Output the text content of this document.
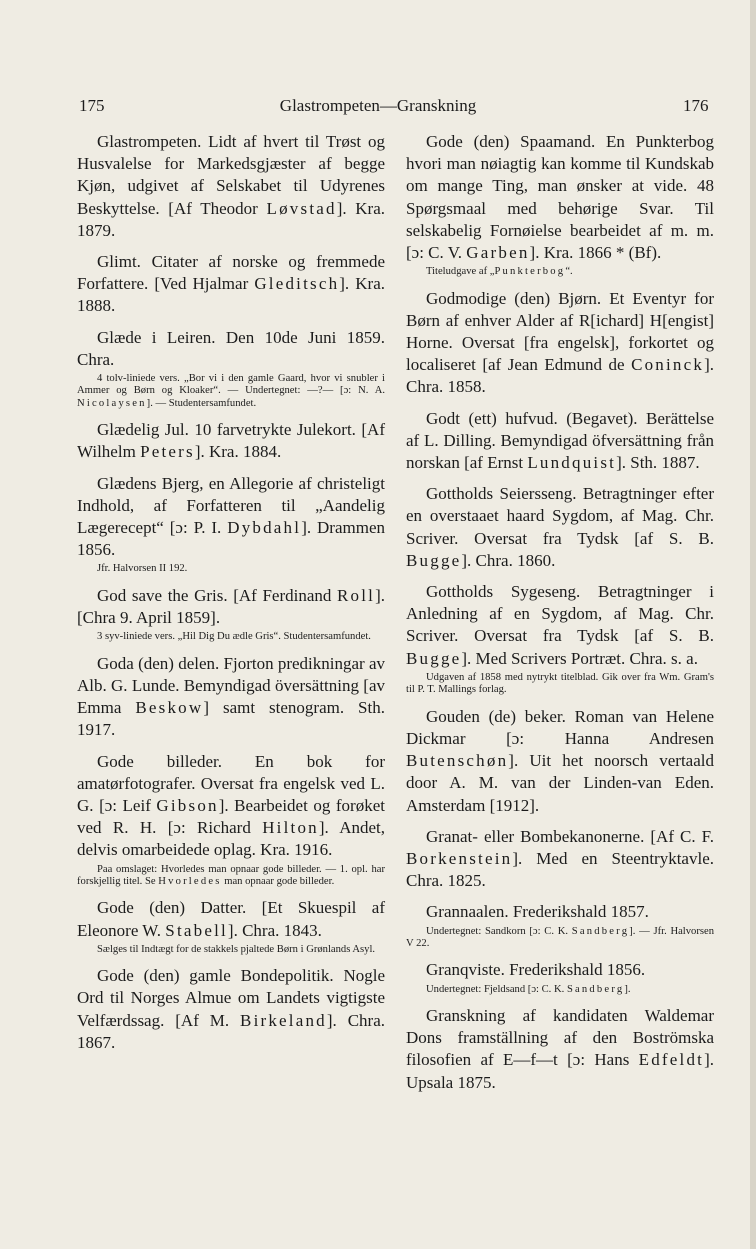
175	Glastrompeten—Granskning	176

Glastrompeten. Lidt af hvert til Trøst og Husvalelse for Markedsgjæster af begge Kjøn, udgivet af Selskabet til Udyrenes Beskyttelse. [Af Theodor Løvstad]. Kra. 1879.

Glimt. Citater af norske og fremmede Forfattere. [Ved Hjalmar Gleditsch]. Kra. 1888.

Glæde i Leiren. Den 10de Juni 1859. Chra.

4 tolv-liniede vers. „Bor vi i den gamle Gaard, hvor vi snubler i Ammer og Børn og Kloaker“. — Undertegnet: —?— [ɔ: N. A. Nicolaysen]. — Studentersamfundet.

Glædelig Jul. 10 farvetrykte Julekort. [Af Wilhelm Peters]. Kra. 1884.

Glædens Bjerg, en Allegorie af christeligt Indhold, af Forfatteren til „Aandelig Lægerecept“ [ɔ: P. I. Dybdahl]. Drammen 1856.

Jfr. Halvorsen II 192.

God save the Gris. [Af Ferdinand Roll]. [Chra 9. April 1859].

3 syv-liniede vers. „Hil Dig Du ædle Gris“. Studentersamfundet.

Goda (den) delen. Fjorton predikningar av Alb. G. Lunde. Bemyndigad översättning [av Emma Beskow] samt stenogram. Sth. 1917.

Gode billeder. En bok for amatørfotografer. Oversat fra engelsk ved L. G. [ɔ: Leif Gibson]. Bearbeidet og forøket ved R. H. [ɔ: Richard Hilton]. Andet, delvis omarbeidede oplag. Kra. 1916.

Paa omslaget: Hvorledes man opnaar gode billeder. — 1. opl. har forskjellig titel. Se Hvorledes man opnaar gode billeder.

Gode (den) Datter. [Et Skuespil af Eleonore W. Stabell]. Chra. 1843.

Sælges til Indtægt for de stakkels pjaltede Børn i Grønlands Asyl.

Gode (den) gamle Bondepolitik. Nogle Ord til Norges Almue om Landets vigtigste Velfærdssag. [Af M. Birkeland]. Chra. 1867.

Gode (den) Spaamand. En Punkterbog hvori man nøiagtig kan komme til Kundskab om mange Ting, man ønsker at vide. 48 Spørgsmaal med behørige Svar. Til selskabelig Fornøielse bearbeidet af m. m. [ɔ: C. V. Garben]. Kra. 1866 * (Bf).

Titeludgave af „Punkterbog“.

Godmodige (den) Bjørn. Et Eventyr for Børn af enhver Alder af R[ichard] H[engist] Horne. Oversat [fra engelsk], forkortet og localiseret [af Jean Edmund de Coninck]. Chra. 1858.

Godt (ett) hufvud. (Begavet). Berättelse af L. Dilling. Bemyndigad öfversättning från norskan [af Ernst Lundquist]. Sth. 1887.

Gottholds Seiersseng. Betragtninger efter en overstaaet haard Sygdom, af Mag. Chr. Scriver. Oversat fra Tydsk [af S. B. Bugge]. Chra. 1860.

Gottholds Sygeseng. Betragtninger i Anledning af en Sygdom, af Mag. Chr. Scriver. Oversat fra Tydsk [af S. B. Bugge]. Med Scrivers Portræt. Chra. s. a.

Udgaven af 1858 med nytrykt titelblad. Gik over fra Wm. Gram's til P. T. Mallings forlag.

Gouden (de) beker. Roman van Helene Dickmar [ɔ: Hanna Andresen Butenschøn]. Uit het noorsch vertaald door A. M. van der Linden-van Eden. Amsterdam [1912].

Granat- eller Bombekanonerne. [Af C. F. Borkenstein]. Med en Steentryktavle. Chra. 1825.

Grannaalen. Frederikshald 1857.

Undertegnet: Sandkorn [ɔ: C. K. Sandberg]. — Jfr. Halvorsen V 22.

Granqviste. Frederikshald 1856.

Undertegnet: Fjeldsand [ɔ: C. K. Sandberg].

Granskning af kandidaten Waldemar Dons framställning af den Boströmska filosofien af E—f—t [ɔ: Hans Edfeldt]. Upsala 1875.
